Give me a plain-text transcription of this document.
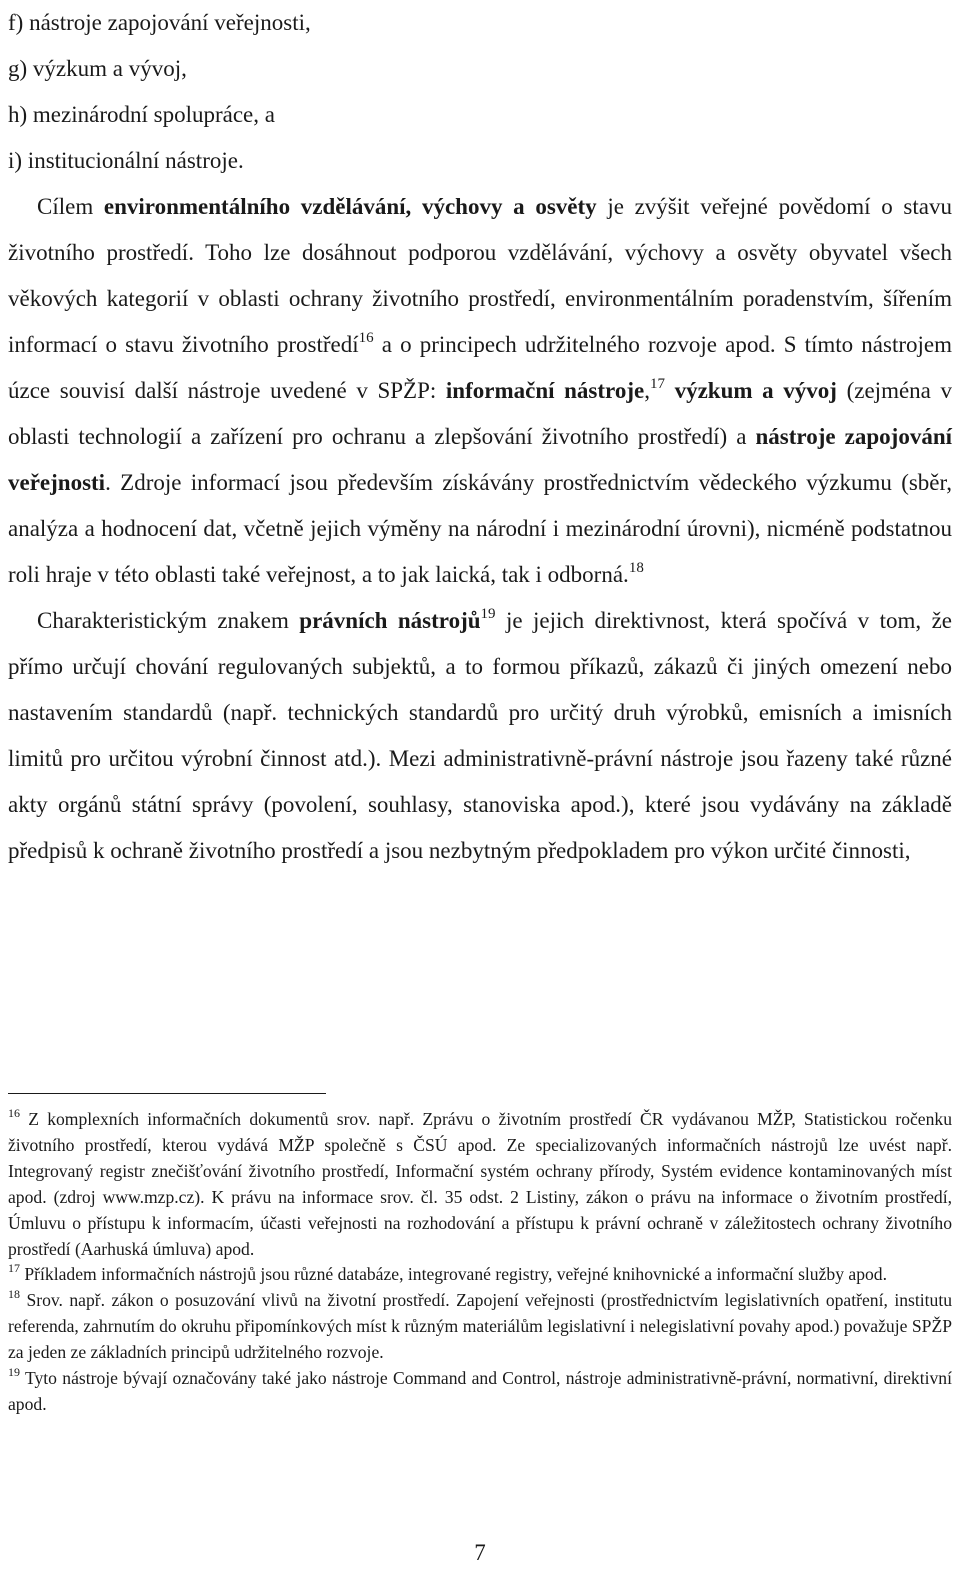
f) nástroje zapojování veřejnosti,
g) výzkum a vývoj,
h) mezinárodní spolupráce, a
i) institucionální nástroje.

Cílem environmentálního vzdělávání, výchovy a osvěty je zvýšit veřejné povědomí o stavu životního prostředí. Toho lze dosáhnout podporou vzdělávání, výchovy a osvěty obyvatel všech věkových kategorií v oblasti ochrany životního prostředí, environmentálním poradenstvím, šířením informací o stavu životního prostředí$^{16}$ a o principech udržitelného rozvoje apod. S tímto nástrojem úzce souvisí další nástroje uvedené v SPŽP: informační nástroje,$^{17}$ výzkum a vývoj (zejména v oblasti technologií a zařízení pro ochranu a zlepšování životního prostředí) a nástroje zapojování veřejnosti. Zdroje informací jsou především získávány prostřednictvím vědeckého výzkumu (sběr, analýza a hodnocení dat, včetně jejich výměny na národní i mezinárodní úrovni), nicméně podstatnou roli hraje v této oblasti také veřejnost, a to jak laická, tak i odborná.$^{18}$

Charakteristickým znakem právních nástrojů$^{19}$ je jejich direktivnost, která spočívá v tom, že přímo určují chování regulovaných subjektů, a to formou příkazů, zákazů či jiných omezení nebo nastavením standardů (např. technických standardů pro určitý druh výrobků, emisních a imisních limitů pro určitou výrobní činnost atd.). Mezi administrativně-právní nástroje jsou řazeny také různé akty orgánů státní správy (povolení, souhlasy, stanoviska apod.), které jsou vydávány na základě předpisů k ochraně životního prostředí a jsou nezbytným předpokladem pro výkon určité činnosti,

$^{16}$ Z komplexních informačních dokumentů srov. např. Zprávu o životním prostředí ČR vydávanou MŽP, Statistickou ročenku životního prostředí, kterou vydává MŽP společně s ČSÚ apod. Ze specializovaných informačních nástrojů lze uvést např. Integrovaný registr znečišťování životního prostředí, Informační systém ochrany přírody, Systém evidence kontaminovaných míst apod. (zdroj www.mzp.cz). K právu na informace srov. čl. 35 odst. 2 Listiny, zákon o právu na informace o životním prostředí, Úmluvu o přístupu k informacím, účasti veřejnosti na rozhodování a přístupu k právní ochraně v záležitostech ochrany životního prostředí (Aarhuská úmluva) apod.

$^{17}$ Příkladem informačních nástrojů jsou různé databáze, integrované registry, veřejné knihovnické a informační služby apod.

$^{18}$ Srov. např. zákon o posuzování vlivů na životní prostředí. Zapojení veřejnosti (prostřednictvím legislativních opatření, institutu referenda, zahrnutím do okruhu připomínkových míst k různým materiálům legislativní i nelegislativní povahy apod.) považuje SPŽP za jeden ze základních principů udržitelného rozvoje.

$^{19}$ Tyto nástroje bývají označovány také jako nástroje Command and Control, nástroje administrativně-právní, normativní, direktivní apod.

7
